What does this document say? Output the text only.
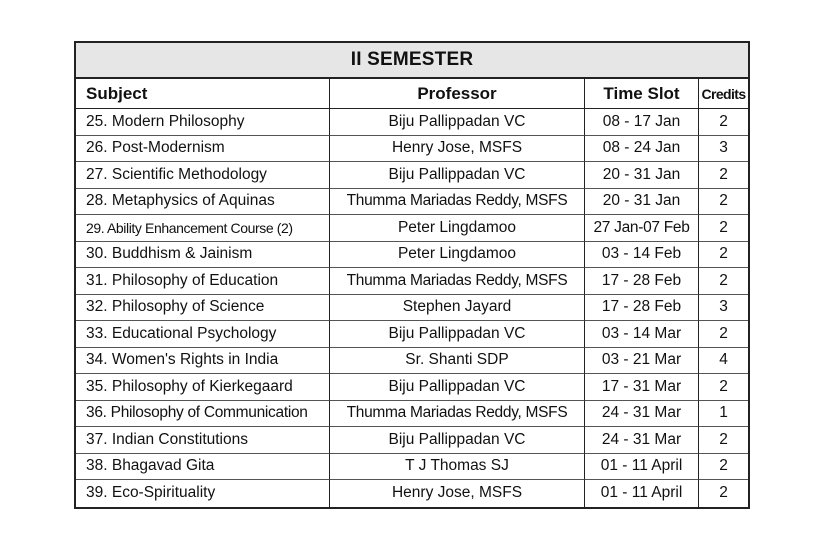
II SEMESTER
Subject	Professor	Time Slot	Credits
25. Modern Philosophy	Biju Pallippadan VC	08 - 17 Jan	2
26. Post-Modernism	Henry Jose, MSFS	08 - 24 Jan	3
27. Scientific Methodology	Biju Pallippadan VC	20 - 31 Jan	2
28. Metaphysics of Aquinas	Thumma Mariadas Reddy, MSFS	20 - 31 Jan	2
29. Ability Enhancement Course (2)	Peter Lingdamoo	27 Jan-07 Feb	2
30. Buddhism & Jainism	Peter Lingdamoo	03 - 14 Feb	2
31. Philosophy of Education	Thumma Mariadas Reddy, MSFS	17 - 28 Feb	2
32. Philosophy of Science	Stephen Jayard	17 - 28 Feb	3
33. Educational Psychology	Biju Pallippadan VC	03 - 14 Mar	2
34. Women's Rights in India	Sr. Shanti SDP	03 - 21 Mar	4
35. Philosophy of Kierkegaard	Biju Pallippadan VC	17 - 31 Mar	2
36. Philosophy of Communication	Thumma Mariadas Reddy, MSFS	24 - 31 Mar	1
37. Indian Constitutions	Biju Pallippadan VC	24 - 31 Mar	2
38. Bhagavad Gita	T J Thomas SJ	01 - 11 April	2
39. Eco-Spirituality	Henry Jose, MSFS	01 - 11 April	2
